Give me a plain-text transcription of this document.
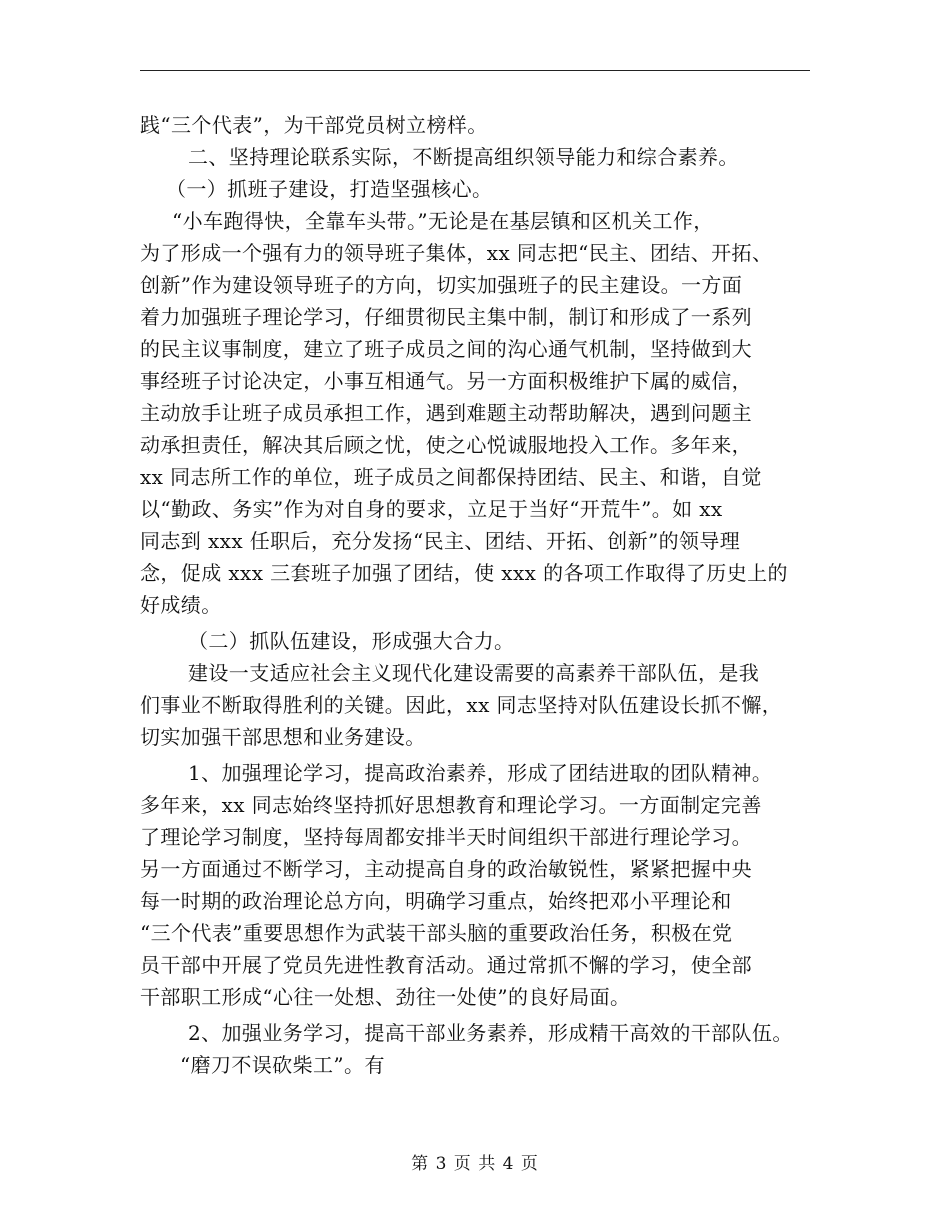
践“三个代表”，为干部党员树立榜样。
二、坚持理论联系实际，不断提高组织领导能力和综合素养。
（一）抓班子建设，打造坚强核心。
“小车跑得快，全靠车头带。”无论是在基层镇和区机关工作，
为了形成一个强有力的领导班子集体，xx 同志把“民主、团结、开拓、
创新”作为建设领导班子的方向，切实加强班子的民主建设。一方面
着力加强班子理论学习，仔细贯彻民主集中制，制订和形成了一系列
的民主议事制度，建立了班子成员之间的沟心通气机制，坚持做到大
事经班子讨论决定，小事互相通气。另一方面积极维护下属的威信，
主动放手让班子成员承担工作，遇到难题主动帮助解决，遇到问题主
动承担责任，解决其后顾之忧，使之心悦诚服地投入工作。多年来，
xx 同志所工作的单位，班子成员之间都保持团结、民主、和谐，自觉
以“勤政、务实”作为对自身的要求，立足于当好“开荒牛”。如 xx
同志到 xxx 任职后，充分发扬“民主、团结、开拓、创新”的领导理
念，促成 xxx 三套班子加强了团结，使 xxx 的各项工作取得了历史上的
好成绩。
（二）抓队伍建设，形成强大合力。
建设一支适应社会主义现代化建设需要的高素养干部队伍，是我
们事业不断取得胜利的关键。因此，xx 同志坚持对队伍建设长抓不懈，
切实加强干部思想和业务建设。
1、加强理论学习，提高政治素养，形成了团结进取的团队精神。
多年来，xx 同志始终坚持抓好思想教育和理论学习。一方面制定完善
了理论学习制度，坚持每周都安排半天时间组织干部进行理论学习。
另一方面通过不断学习，主动提高自身的政治敏锐性，紧紧把握中央
每一时期的政治理论总方向，明确学习重点，始终把邓小平理论和
“三个代表”重要思想作为武装干部头脑的重要政治任务，积极在党
员干部中开展了党员先进性教育活动。通过常抓不懈的学习，使全部
干部职工形成“心往一处想、劲往一处使”的良好局面。
2、加强业务学习，提高干部业务素养，形成精干高效的干部队伍。
“磨刀不误砍柴工”。有
第 3 页 共 4 页
